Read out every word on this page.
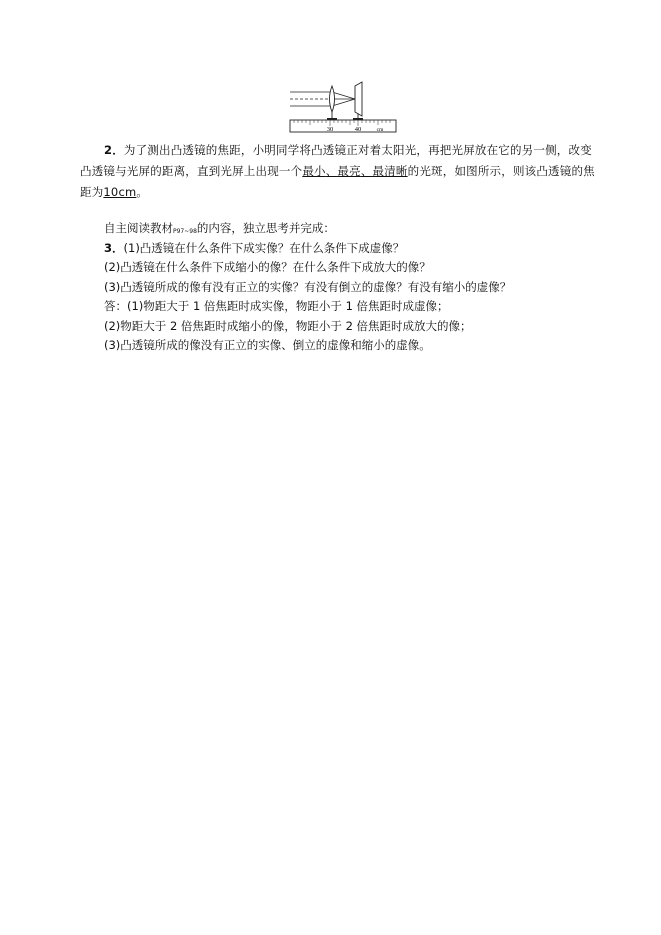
30	40	cm
2．为了测出凸透镜的焦距，小明同学将凸透镜正对着太阳光，再把光屏放在它的另一侧，改变凸透镜与光屏的距离，直到光屏上出现一个最小、最亮、最清晰的光斑，如图所示，则该凸透镜的焦距为10cm。
自主阅读教材P97~98的内容，独立思考并完成：
3．(1)凸透镜在什么条件下成实像？在什么条件下成虚像？
(2)凸透镜在什么条件下成缩小的像？在什么条件下成放大的像？
(3)凸透镜所成的像有没有正立的实像？有没有倒立的虚像？有没有缩小的虚像？
答：(1)物距大于 1 倍焦距时成实像，物距小于 1 倍焦距时成虚像；
(2)物距大于 2 倍焦距时成缩小的像，物距小于 2 倍焦距时成放大的像；
(3)凸透镜所成的像没有正立的实像、倒立的虚像和缩小的虚像。
